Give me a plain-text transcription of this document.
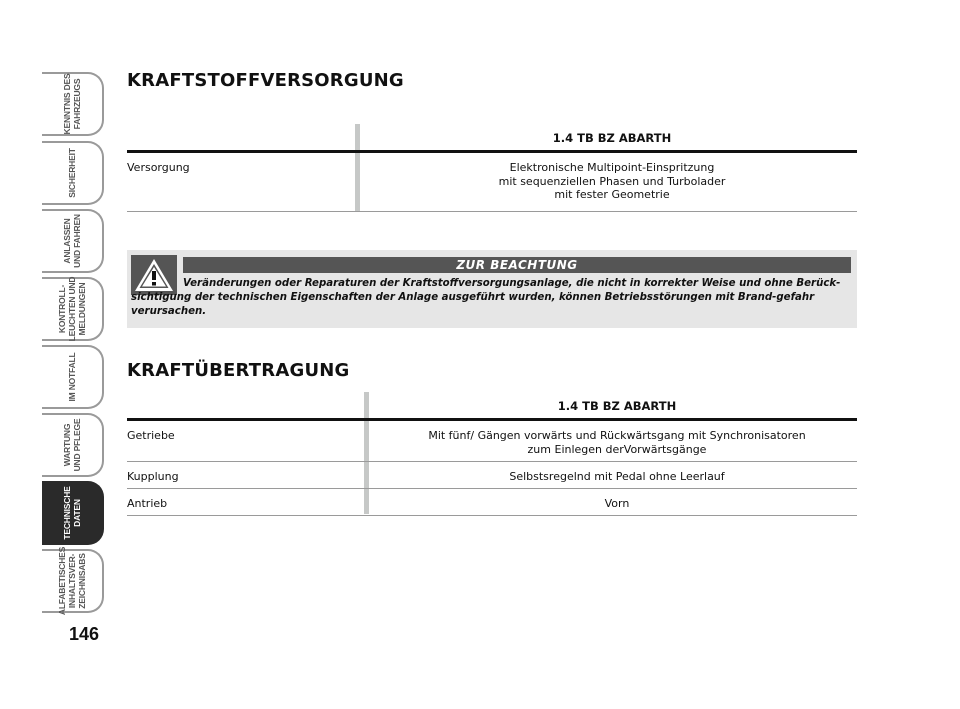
KENNTNIS DES
FAHRZEUGS
SICHERHEIT
ANLASSEN
UND FAHREN
KONTROLL-
LEUCHTEN UND
MELDUNGEN
IM NOTFALL
WARTUNG
UND PFLEGE
TECHNISCHE
DATEN
ALFABETISCHES
INHALTSVER-
ZEICHNISABS
146
KRAFTSTOFFVERSORGUNG
1.4 TB BZ ABARTH
Versorgung	Elektronische Multipoint-Einspritzung
mit sequenziellen Phasen und Turbolader
mit fester Geometrie
ZUR BEACHTUNG
Veränderungen oder Reparaturen der Kraftstoffversorgungsanlage, die nicht in korrekter Weise und ohne Berück-sichtigung der technischen Eigenschaften der Anlage ausgeführt wurden, können Betriebsstörungen mit Brand-gefahr verursachen.
KRAFTÜBERTRAGUNG
1.4 TB BZ ABARTH
Getriebe	Mit fünf/ Gängen vorwärts und Rückwärtsgang mit Synchronisatoren
zum Einlegen derVorwärtsgänge
Kupplung	Selbstsregelnd mit Pedal ohne Leerlauf
Antrieb	Vorn
